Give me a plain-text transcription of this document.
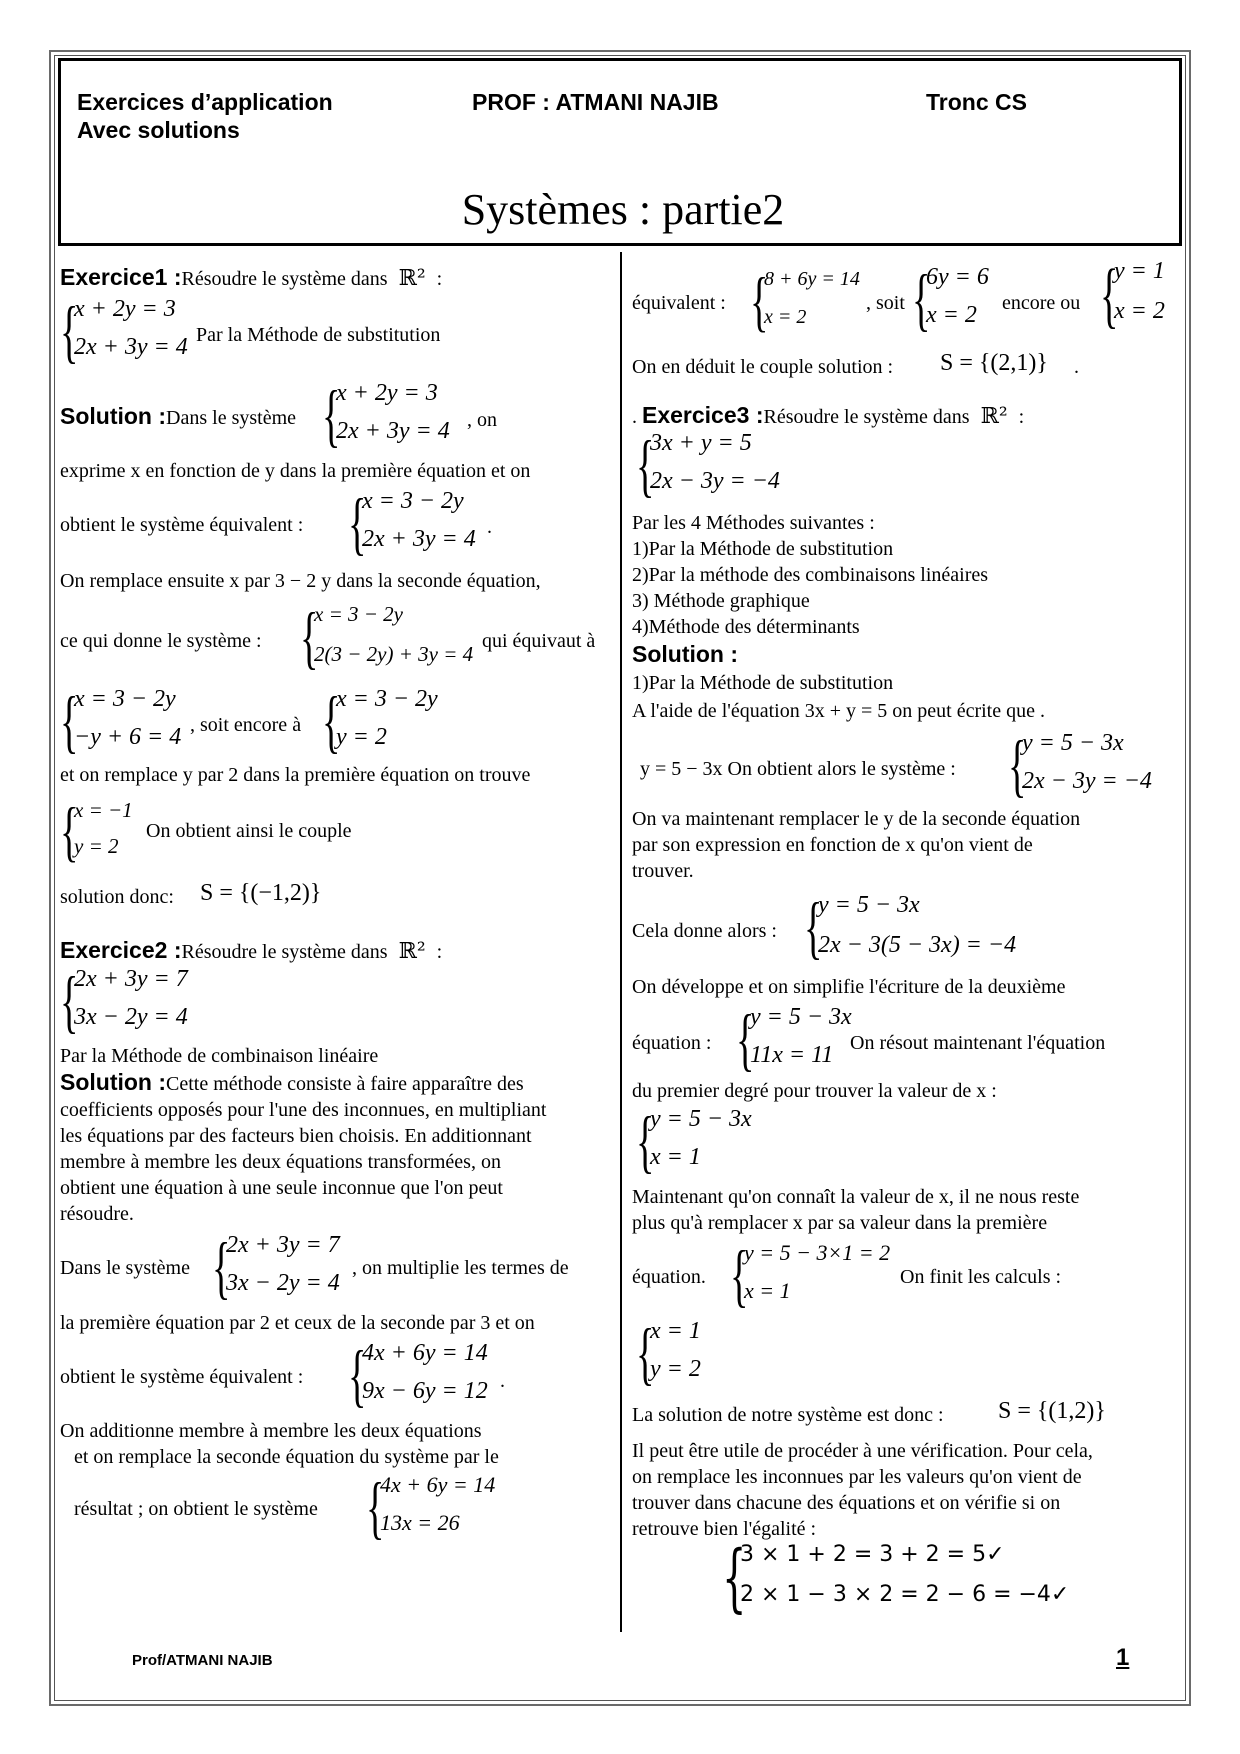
Exercices d’application
Avec solutions
PROF : ATMANI NAJIB	Tronc CS
Systèmes : partie2
Exercice1 :Résoudre le système dans ℝ² :
{
x + 2y = 3
2x + 3y = 4 Par la Méthode de substitution
Solution :Dans le système {
x + 2y = 3
2x + 3y = 4 , on
exprime x en fonction de y dans la première équation et on
obtient le système équivalent : {
x = 3 − 2y
2x + 3y = 4 .
On remplace ensuite x par 3 − 2 y dans la seconde équation,
ce qui donne le système : {
x = 3 − 2y
2(3 − 2y) + 3y = 4
qui équivaut à
{
x = 3 − 2y
−y + 6 = 4 , soit encore à {
x = 3 − 2y
y = 2
et on remplace y par 2 dans la première équation on trouve
{
x = −1
y = 2
On obtient ainsi le couple
solution donc: S = {(−1,2)}
Exercice2 :Résoudre le système dans ℝ² :
{
2x + 3y = 7
3x − 2y = 4
Par la Méthode de combinaison linéaire
Solution :Cette méthode consiste à faire apparaître des
coefficients opposés pour l'une des inconnues, en multipliant
les équations par des facteurs bien choisis. En additionnant
membre à membre les deux équations transformées, on
obtient une équation à une seule inconnue que l'on peut
résoudre.
Dans le système {
2x + 3y = 7
3x − 2y = 4
, on multiplie les termes de
la première équation par 2 et ceux de la seconde par 3 et on
obtient le système équivalent : {
4x + 6y = 14
9x − 6y = 12 .
On additionne membre à membre les deux équations
et on remplace la seconde équation du système par le
résultat ; on obtient le système {
4x + 6y = 14
13x = 26
équivalent : {
8 + 6y = 14
x = 2
, soit {
6y = 6
x = 2 encore ou {
y = 1
x = 2
On en déduit le couple solution : S = {(2,1)} .
. Exercice3 :Résoudre le système dans ℝ² :
{
3x + y = 5
2x − 3y = −4
Par les 4 Méthodes suivantes :
1)Par la Méthode de substitution
2)Par la méthode des combinaisons linéaires
3) Méthode graphique
4)Méthode des déterminants
Solution :
1)Par la Méthode de substitution
A l'aide de l'équation 3x + y = 5 on peut écrite que .
y = 5 − 3x On obtient alors le système : {
y = 5 − 3x
2x − 3y = −4
On va maintenant remplacer le y de la seconde équation
par son expression en fonction de x qu'on vient de
trouver.
Cela donne alors : {
y = 5 − 3x
2x − 3(5 − 3x) = −4
On développe et on simplifie l'écriture de la deuxième
équation : {
y = 5 − 3x
11x = 11 On résout maintenant l'équation
du premier degré pour trouver la valeur de x :
{
y = 5 − 3x
x = 1
Maintenant qu'on connaît la valeur de x, il ne nous reste
plus qu'à remplacer x par sa valeur dans la première
équation. {
y = 5 − 3×1 = 2
x = 1
On finit les calculs :
{
x = 1
y = 2
La solution de notre système est donc : S = {(1,2)}
Il peut être utile de procéder à une vérification. Pour cela,
on remplace les inconnues par les valeurs qu'on vient de
trouver dans chacune des équations et on vérifie si on
retrouve bien l'égalité :
{
3 × 1 + 2 = 3 + 2 = 5✓
2 × 1 − 3 × 2 = 2 − 6 = −4✓
Prof/ATMANI NAJIB	1
